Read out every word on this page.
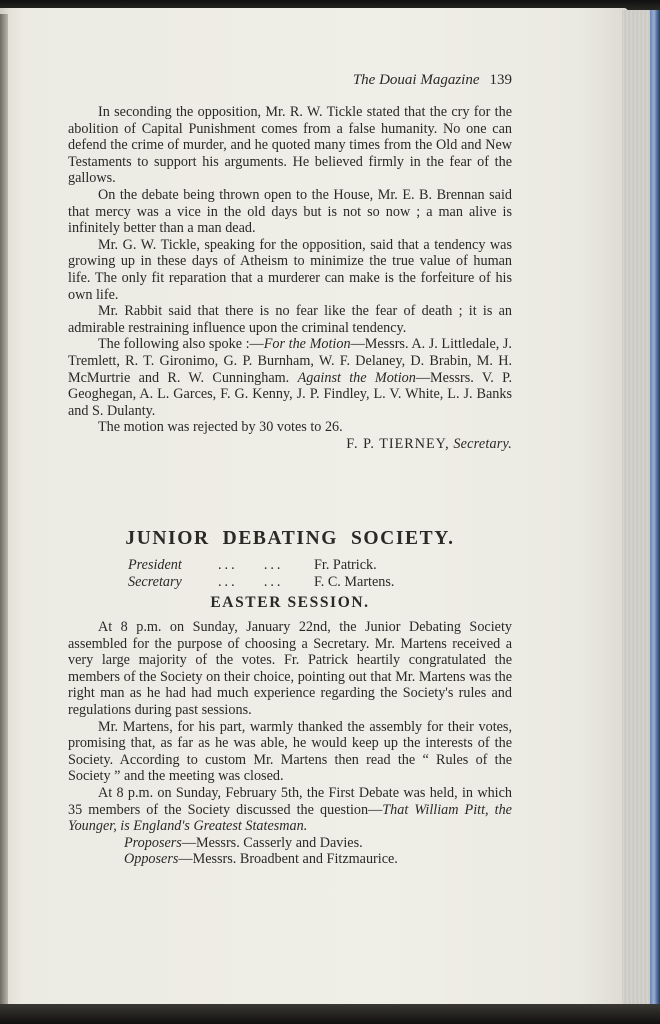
The Douai Magazine 139

In seconding the opposition, Mr. R. W. Tickle stated that the cry for the abolition of Capital Punishment comes from a false humanity. No one can defend the crime of murder, and he quoted many times from the Old and New Testaments to support his arguments. He believed firmly in the fear of the gallows.

On the debate being thrown open to the House, Mr. E. B. Brennan said that mercy was a vice in the old days but is not so now ; a man alive is infinitely better than a man dead.

Mr. G. W. Tickle, speaking for the opposition, said that a tendency was growing up in these days of Atheism to minimize the true value of human life. The only fit reparation that a murderer can make is the forfeiture of his own life.

Mr. Rabbit said that there is no fear like the fear of death ; it is an admirable restraining influence upon the criminal tendency.

The following also spoke :—For the Motion—Messrs. A. J. Littledale, J. Tremlett, R. T. Gironimo, G. P. Burnham, W. F. Delaney, D. Brabin, M. H. McMurtrie and R. W. Cunningham. Against the Motion—Messrs. V. P. Geoghegan, A. L. Garces, F. G. Kenny, J. P. Findley, L. V. White, L. J. Banks and S. Dulanty.

The motion was rejected by 30 votes to 26.

F. P. TIERNEY, Secretary.

JUNIOR  DEBATING  SOCIETY.

President	...    ...	Fr. Patrick.
Secretary	...    ...	F. C. Martens.

EASTER SESSION.

At 8 p.m. on Sunday, January 22nd, the Junior Debating Society assembled for the purpose of choosing a Secretary. Mr. Martens received a very large majority of the votes. Fr. Patrick heartily congratulated the members of the Society on their choice, pointing out that Mr. Martens was the right man as he had had much experience regarding the Society's rules and regulations during past sessions.

Mr. Martens, for his part, warmly thanked the assembly for their votes, promising that, as far as he was able, he would keep up the interests of the Society. According to custom Mr. Martens then read the “ Rules of the Society ” and the meeting was closed.

At 8 p.m. on Sunday, February 5th, the First Debate was held, in which 35 members of the Society discussed the question—That William Pitt, the Younger, is England's Greatest Statesman.

Proposers—Messrs. Casserly and Davies.

Opposers—Messrs. Broadbent and Fitzmaurice.
